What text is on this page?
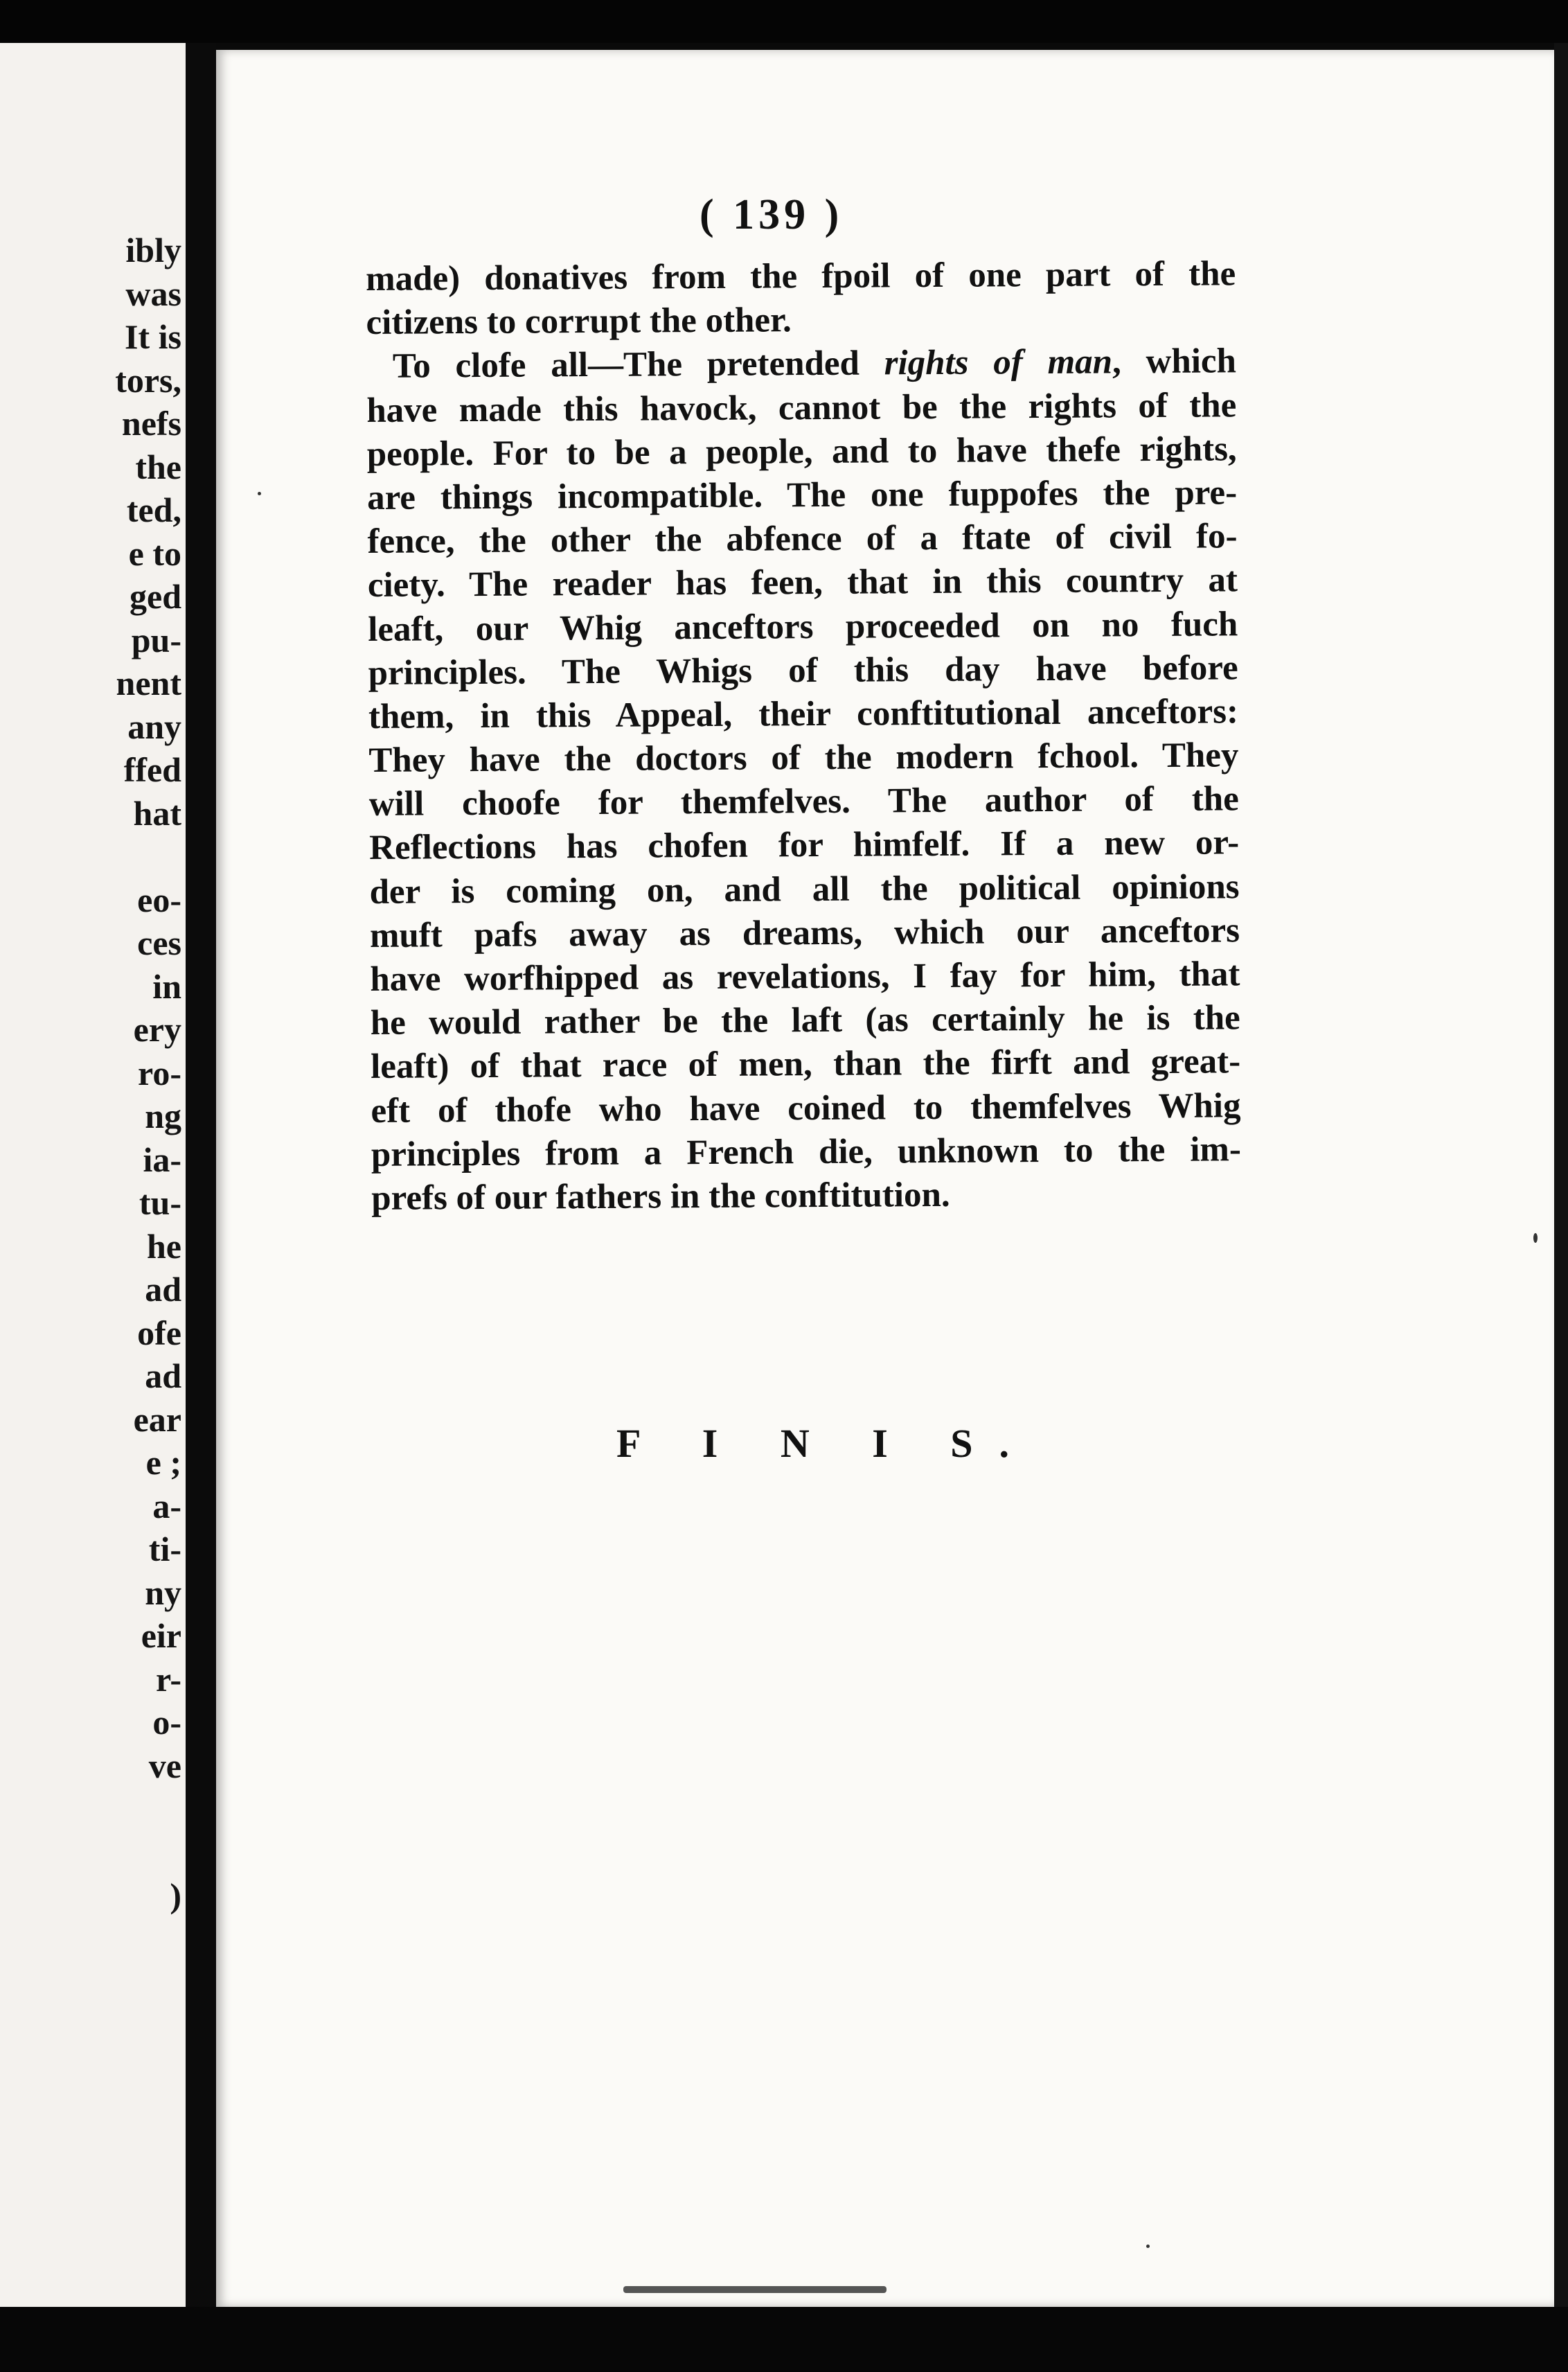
ibly
was
It is
tors,
nefs
the
ted,
e to
ged
pu-
nent
any
ffed
hat
eo-
ces
in
ery
ro-
ng
ia-
tu-
he
ad
ofe
ad
ear
e ;
a-
ti-
ny
eir
r-
o-
ve
)
( 139 )
made) donatives from the fpoil of one part of the
citizens to corrupt the other.
To clofe all—The pretended rights of man, which
have made this havock, cannot be the rights of the
people. For to be a people, and to have thefe rights,
are things incompatible. The one fuppofes the pre-
fence, the other the abfence of a ftate of civil fo-
ciety. The reader has feen, that in this country at
leaft, our Whig anceftors proceeded on no fuch
principles. The Whigs of this day have before
them, in this Appeal, their conftitutional anceftors:
They have the doctors of the modern fchool. They
will choofe for themfelves. The author of the
Reflections has chofen for himfelf. If a new or-
der is coming on, and all the political opinions
muft pafs away as dreams, which our anceftors
have worfhipped as revelations, I fay for him, that
he would rather be the laft (as certainly he is the
leaft) of that race of men, than the firft and great-
eft of thofe who have coined to themfelves Whig
principles from a French die, unknown to the im-
prefs of our fathers in the conftitution.
F I N I S.
